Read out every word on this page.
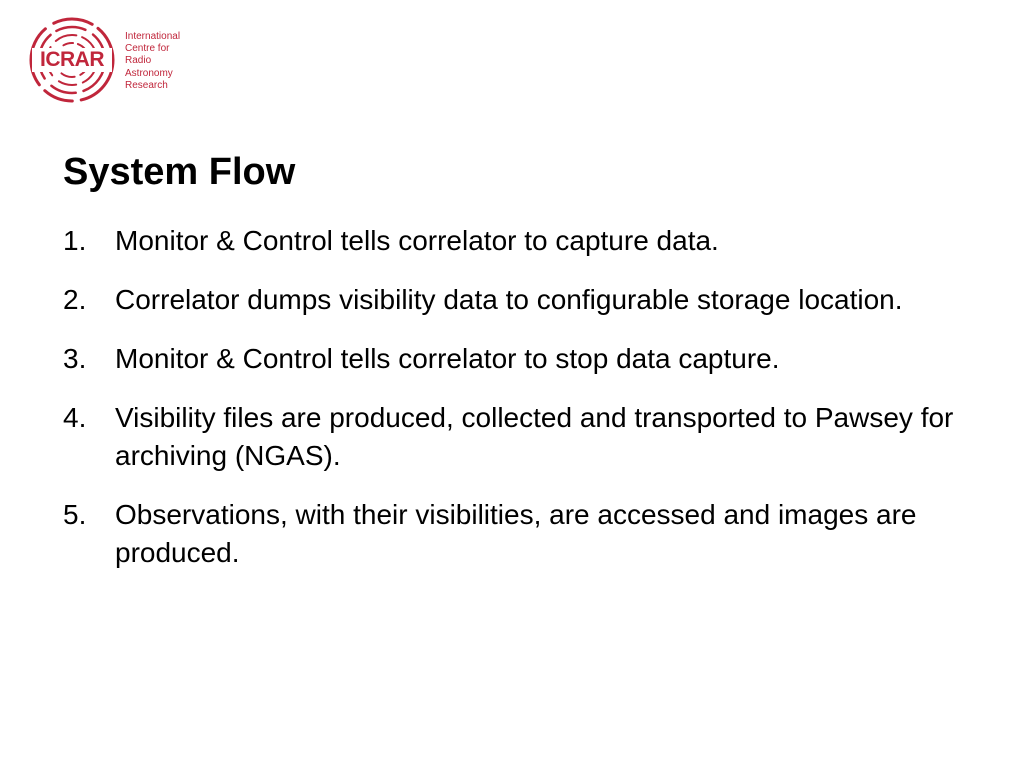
ICRAR
International
Centre for
Radio
Astronomy
Research
System Flow
1. Monitor & Control tells correlator to capture data.
2. Correlator dumps visibility data to configurable storage location.
3. Monitor & Control tells correlator to stop data capture.
4. Visibility files are produced, collected and transported to Pawsey for archiving (NGAS).
5. Observations, with their visibilities, are accessed and images are produced.
